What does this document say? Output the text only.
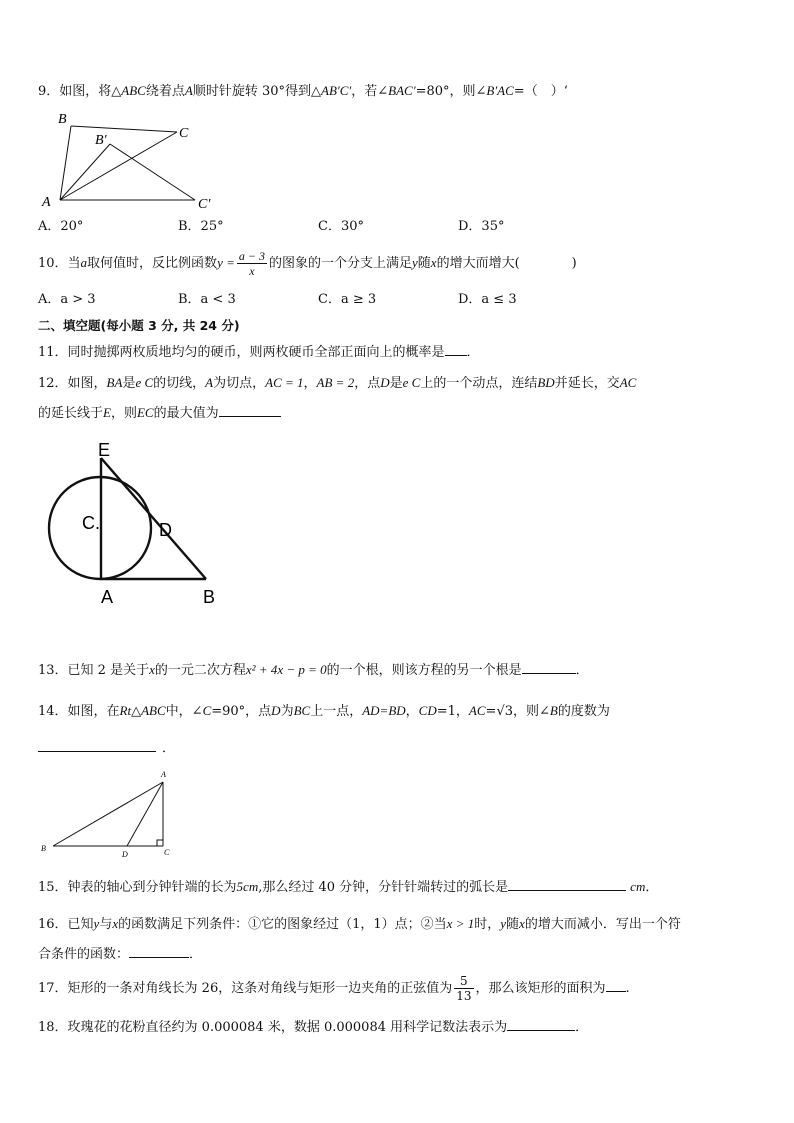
9．如图，将△ABC绕着点A顺时针旋转 30°得到△AB′C′，若∠BAC′=80°，则∠B′AC=（　）‘
B
B′	C
A	C′
A．20°	B．25°	C．30°	D．35°
10．当a取何值时，反比例函数$y = \frac{a - 3}{x}$ 的图象的一个分支上满足y随x的增大而增大(　　　　)
A．a > 3	B．a < 3	C．a ≥ 3	D．a ≤ 3
二、填空题(每小题 3 分, 共 24 分)
11．同时抛掷两枚质地均匀的硬币，则两枚硬币全部正面向上的概率是 ．
12．如图，BA是e C的切线，A为切点，AC = 1，AB = 2，点D是e C上的一个动点，连结BD并延长，交AC
的延长线于E，则EC的最大值为
E
C.	D
A	B
13．已知 2 是关于x的一元二次方程x² + 4x − p = 0的一个根，则该方程的另一个根是	．
14．如图，在Rt△ABC中，∠C=90°，点D为BC上一点，AD=BD，CD=1，AC=√3，则∠B的度数为
．
A
B
D	C
15．钟表的轴心到分钟针端的长为5cm,那么经过 40 分钟，分针针端转过的弧长是	cm．
16．已知y与x的函数满足下列条件：①它的图象经过（1，1）点；②当x > 1时，y随x的增大而减小．写出一个符
合条件的函数：	．
17．矩形的一条对角线长为 26，这条对角线与矩形一边夹角的正弦值为 $\frac{5}{13}$ ，那么该矩形的面积为 .
18．玫瑰花的花粉直径约为 0.000084 米，数据 0.000084 用科学记数法表示为	．
